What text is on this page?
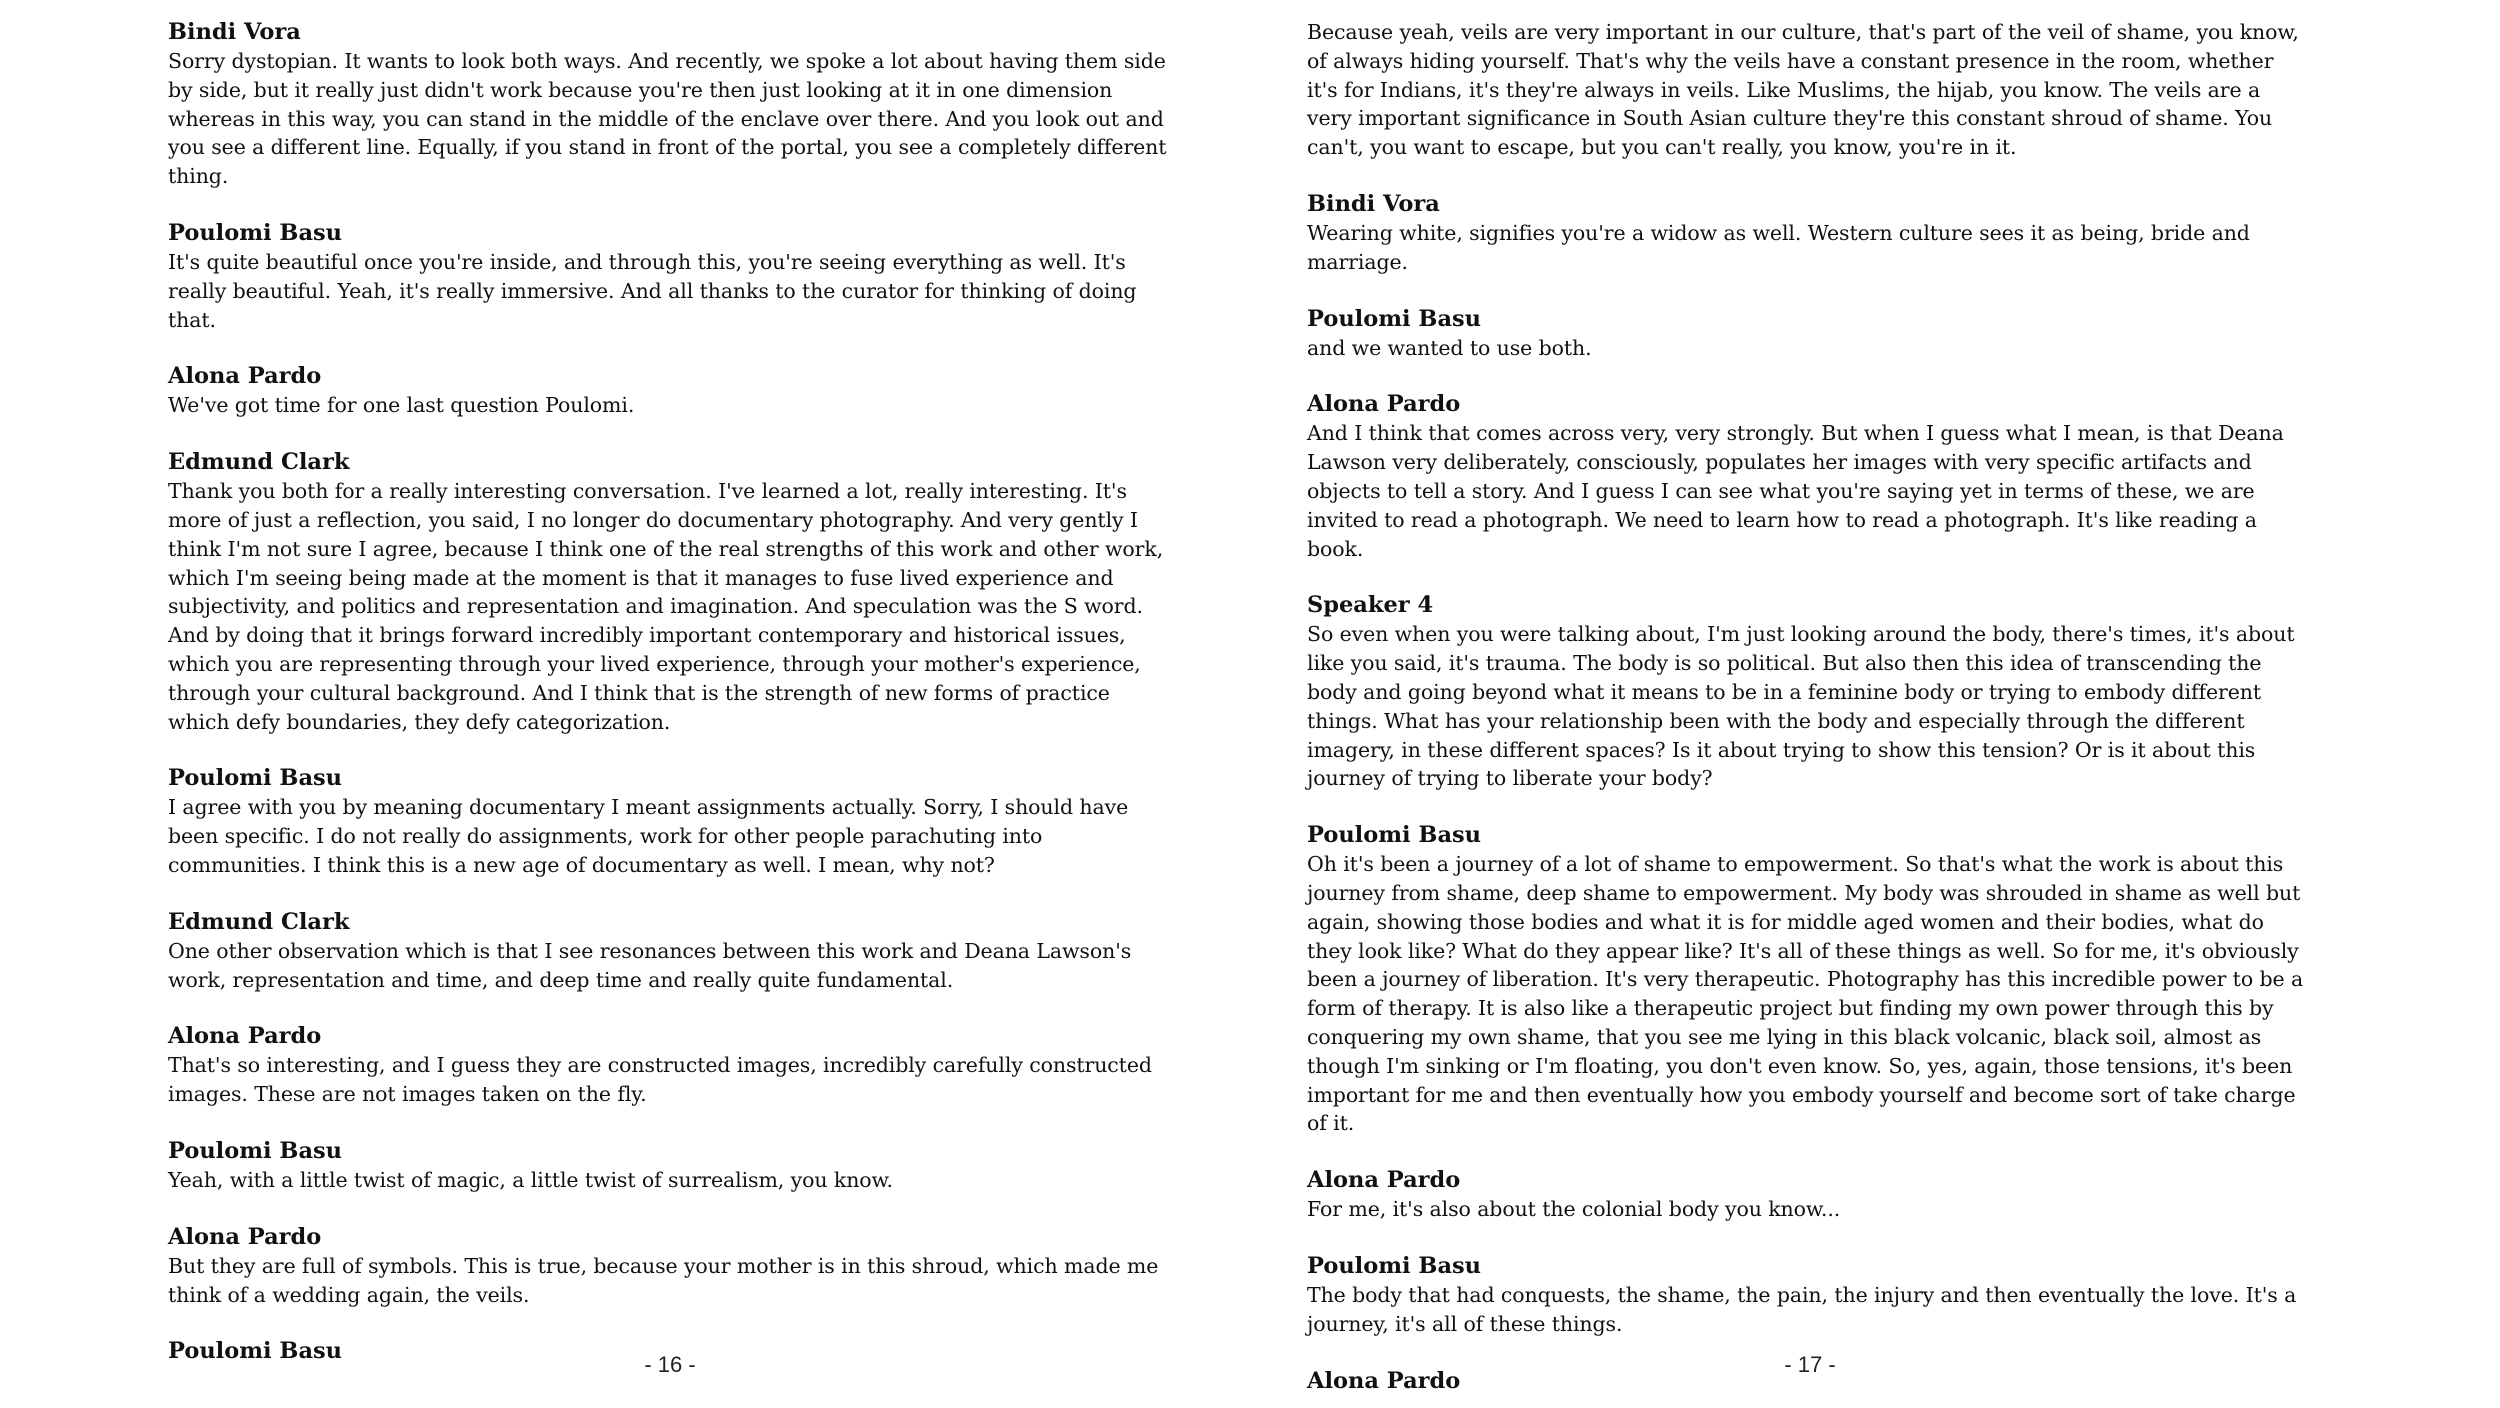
Bindi Vora

Sorry dystopian. It wants to look both ways. And recently, we spoke a lot about having them side by side, but it really just didn't work because you're then just looking at it in one dimension whereas in this way, you can stand in the middle of the enclave over there. And you look out and you see a different line. Equally, if you stand in front of the portal, you see a completely different thing.

Poulomi Basu

It's quite beautiful once you're inside, and through this, you're seeing everything as well. It's really beautiful. Yeah, it's really immersive. And all thanks to the curator for thinking of doing that.

Alona Pardo

We've got time for one last question Poulomi.

Edmund Clark

Thank you both for a really interesting conversation. I've learned a lot, really interesting. It's more of just a reflection, you said, I no longer do documentary photography. And very gently I think I'm not sure I agree, because I think one of the real strengths of this work and other work, which I'm seeing being made at the moment is that it manages to fuse lived experience and subjectivity, and politics and representation and imagination. And speculation was the S word. And by doing that it brings forward incredibly important contemporary and historical issues, which you are representing through your lived experience, through your mother's experience, through your cultural background. And I think that is the strength of new forms of practice which defy boundaries, they defy categorization.

Poulomi Basu

I agree with you by meaning documentary I meant assignments actually. Sorry, I should have been specific. I do not really do assignments, work for other people parachuting into communities. I think this is a new age of documentary as well. I mean, why not?

Edmund Clark

One other observation which is that I see resonances between this work and Deana Lawson's work, representation and time, and deep time and really quite fundamental.

Alona Pardo

That's so interesting, and I guess they are constructed images, incredibly carefully constructed images. These are not images taken on the fly.

Poulomi Basu

Yeah, with a little twist of magic, a little twist of surrealism, you know.

Alona Pardo

But they are full of symbols. This is true, because your mother is in this shroud, which made me think of a wedding again, the veils.

Poulomi Basu

- 16 -

Because yeah, veils are very important in our culture, that's part of the veil of shame, you know, of always hiding yourself. That's why the veils have a constant presence in the room, whether it's for Indians, it's they're always in veils. Like Muslims, the hijab, you know. The veils are a very important significance in South Asian culture they're this constant shroud of shame. You can't, you want to escape, but you can't really, you know, you're in it.

Bindi Vora

Wearing white, signifies you're a widow as well. Western culture sees it as being, bride and marriage.

Poulomi Basu

and we wanted to use both.

Alona Pardo

And I think that comes across very, very strongly. But when I guess what I mean, is that Deana Lawson very deliberately, consciously, populates her images with very specific artifacts and objects to tell a story. And I guess I can see what you're saying yet in terms of these, we are invited to read a photograph. We need to learn how to read a photograph. It's like reading a book.

Speaker 4

So even when you were talking about, I'm just looking around the body, there's times, it's about like you said, it's trauma. The body is so political. But also then this idea of transcending the body and going beyond what it means to be in a feminine body or trying to embody different things. What has your relationship been with the body and especially through the different imagery, in these different spaces? Is it about trying to show this tension? Or is it about this journey of trying to liberate your body?

Poulomi Basu

Oh it's been a journey of a lot of shame to empowerment. So that's what the work is about this journey from shame, deep shame to empowerment. My body was shrouded in shame as well but again, showing those bodies and what it is for middle aged women and their bodies, what do they look like? What do they appear like? It's all of these things as well. So for me, it's obviously been a journey of liberation. It's very therapeutic. Photography has this incredible power to be a form of therapy. It is also like a therapeutic project but finding my own power through this by conquering my own shame, that you see me lying in this black volcanic, black soil, almost as though I'm sinking or I'm floating, you don't even know. So, yes, again, those tensions, it's been important for me and then eventually how you embody yourself and become sort of take charge of it.

Alona Pardo

For me, it's also about the colonial body you know...

Poulomi Basu

The body that had conquests, the shame, the pain, the injury and then eventually the love. It's a journey, it's all of these things.

Alona Pardo

- 17 -
